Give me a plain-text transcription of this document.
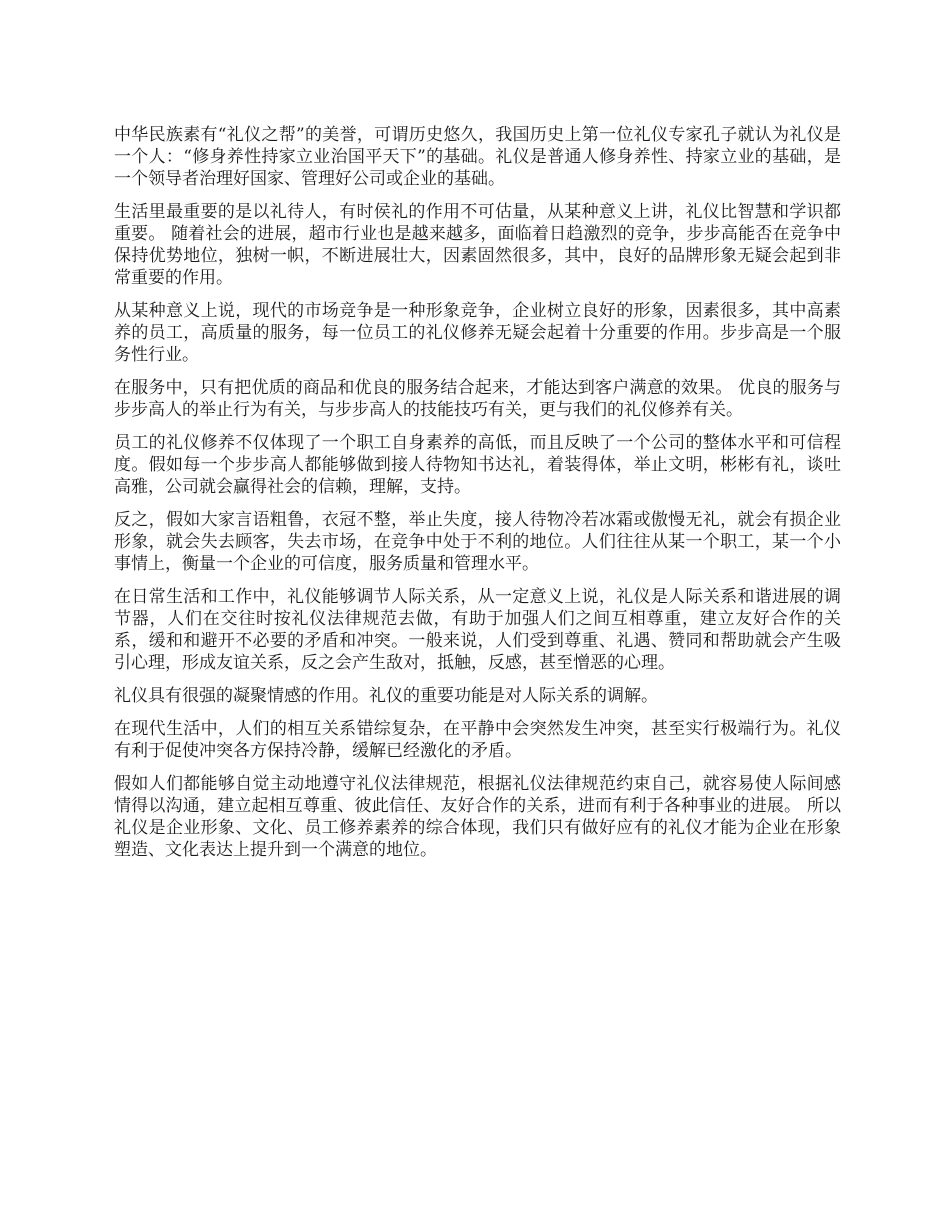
中华民族素有“礼仪之帮”的美誉，可谓历史悠久，我国历史上第一位礼仪专家孔子就认为礼仪是一个人：“修身养性持家立业治国平天下”的基础。礼仪是普通人修身养性、持家立业的基础，是一个领导者治理好国家、管理好公司或企业的基础。

生活里最重要的是以礼待人，有时侯礼的作用不可估量，从某种意义上讲，礼仪比智慧和学识都重要。 随着社会的进展，超市行业也是越来越多，面临着日趋激烈的竞争，步步高能否在竞争中保持优势地位，独树一帜，不断进展壮大，因素固然很多，其中，良好的品牌形象无疑会起到非常重要的作用。

从某种意义上说，现代的市场竞争是一种形象竞争，企业树立良好的形象，因素很多，其中高素养的员工，高质量的服务，每一位员工的礼仪修养无疑会起着十分重要的作用。步步高是一个服务性行业。

在服务中，只有把优质的商品和优良的服务结合起来，才能达到客户满意的效果。 优良的服务与步步高人的举止行为有关，与步步高人的技能技巧有关，更与我们的礼仪修养有关。

员工的礼仪修养不仅体现了一个职工自身素养的高低，而且反映了一个公司的整体水平和可信程度。假如每一个步步高人都能够做到接人待物知书达礼，着装得体，举止文明，彬彬有礼，谈吐高雅，公司就会赢得社会的信赖，理解，支持。

反之，假如大家言语粗鲁，衣冠不整，举止失度，接人待物冷若冰霜或傲慢无礼，就会有损企业形象，就会失去顾客，失去市场，在竞争中处于不利的地位。人们往往从某一个职工，某一个小事情上，衡量一个企业的可信度，服务质量和管理水平。

在日常生活和工作中，礼仪能够调节人际关系，从一定意义上说，礼仪是人际关系和谐进展的调节器，人们在交往时按礼仪法律规范去做，有助于加强人们之间互相尊重，建立友好合作的关系，缓和和避开不必要的矛盾和冲突。一般来说，人们受到尊重、礼遇、赞同和帮助就会产生吸引心理，形成友谊关系，反之会产生敌对，抵触，反感，甚至憎恶的心理。

礼仪具有很强的凝聚情感的作用。礼仪的重要功能是对人际关系的调解。

在现代生活中，人们的相互关系错综复杂，在平静中会突然发生冲突，甚至实行极端行为。礼仪有利于促使冲突各方保持冷静，缓解已经激化的矛盾。

假如人们都能够自觉主动地遵守礼仪法律规范，根据礼仪法律规范约束自己，就容易使人际间感情得以沟通，建立起相互尊重、彼此信任、友好合作的关系，进而有利于各种事业的进展。 所以礼仪是企业形象、文化、员工修养素养的综合体现，我们只有做好应有的礼仪才能为企业在形象塑造、文化表达上提升到一个满意的地位。
